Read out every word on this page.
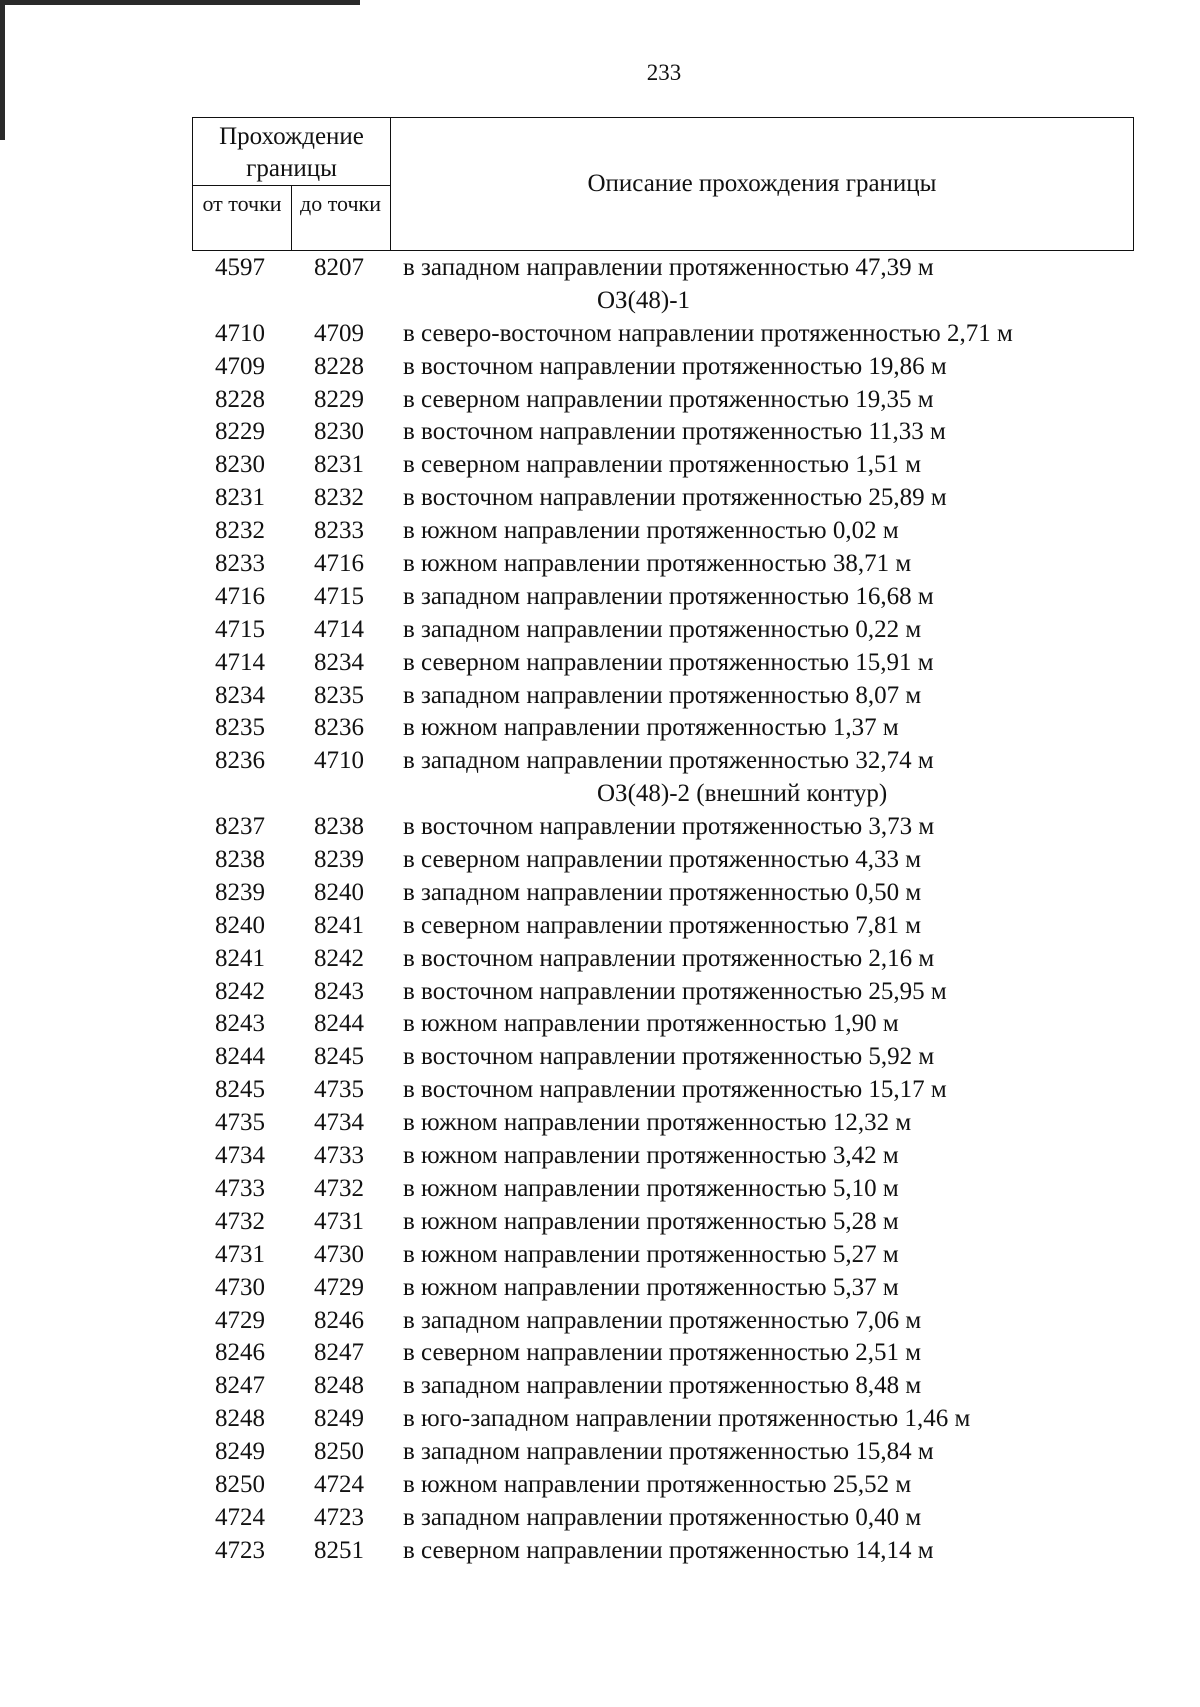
233
Прохождение границы
от точки до точки
Описание прохождения границы
4597	8207	в западном направлении протяженностью 47,39 м
ОЗ(48)-1
4710	4709	в северо-восточном направлении протяженностью 2,71 м
4709	8228	в восточном направлении протяженностью 19,86 м
8228	8229	в северном направлении протяженностью 19,35 м
8229	8230	в восточном направлении протяженностью 11,33 м
8230	8231	в северном направлении протяженностью 1,51 м
8231	8232	в восточном направлении протяженностью 25,89 м
8232	8233	в южном направлении протяженностью 0,02 м
8233	4716	в южном направлении протяженностью 38,71 м
4716	4715	в западном направлении протяженностью 16,68 м
4715	4714	в западном направлении протяженностью 0,22 м
4714	8234	в северном направлении протяженностью 15,91 м
8234	8235	в западном направлении протяженностью 8,07 м
8235	8236	в южном направлении протяженностью 1,37 м
8236	4710	в западном направлении протяженностью 32,74 м
ОЗ(48)-2 (внешний контур)
8237	8238	в восточном направлении протяженностью 3,73 м
8238	8239	в северном направлении протяженностью 4,33 м
8239	8240	в западном направлении протяженностью 0,50 м
8240	8241	в северном направлении протяженностью 7,81 м
8241	8242	в восточном направлении протяженностью 2,16 м
8242	8243	в восточном направлении протяженностью 25,95 м
8243	8244	в южном направлении протяженностью 1,90 м
8244	8245	в восточном направлении протяженностью 5,92 м
8245	4735	в восточном направлении протяженностью 15,17 м
4735	4734	в южном направлении протяженностью 12,32 м
4734	4733	в южном направлении протяженностью 3,42 м
4733	4732	в южном направлении протяженностью 5,10 м
4732	4731	в южном направлении протяженностью 5,28 м
4731	4730	в южном направлении протяженностью 5,27 м
4730	4729	в южном направлении протяженностью 5,37 м
4729	8246	в западном направлении протяженностью 7,06 м
8246	8247	в северном направлении протяженностью 2,51 м
8247	8248	в западном направлении протяженностью 8,48 м
8248	8249	в юго-западном направлении протяженностью 1,46 м
8249	8250	в западном направлении протяженностью 15,84 м
8250	4724	в южном направлении протяженностью 25,52 м
4724	4723	в западном направлении протяженностью 0,40 м
4723	8251	в северном направлении протяженностью 14,14 м
